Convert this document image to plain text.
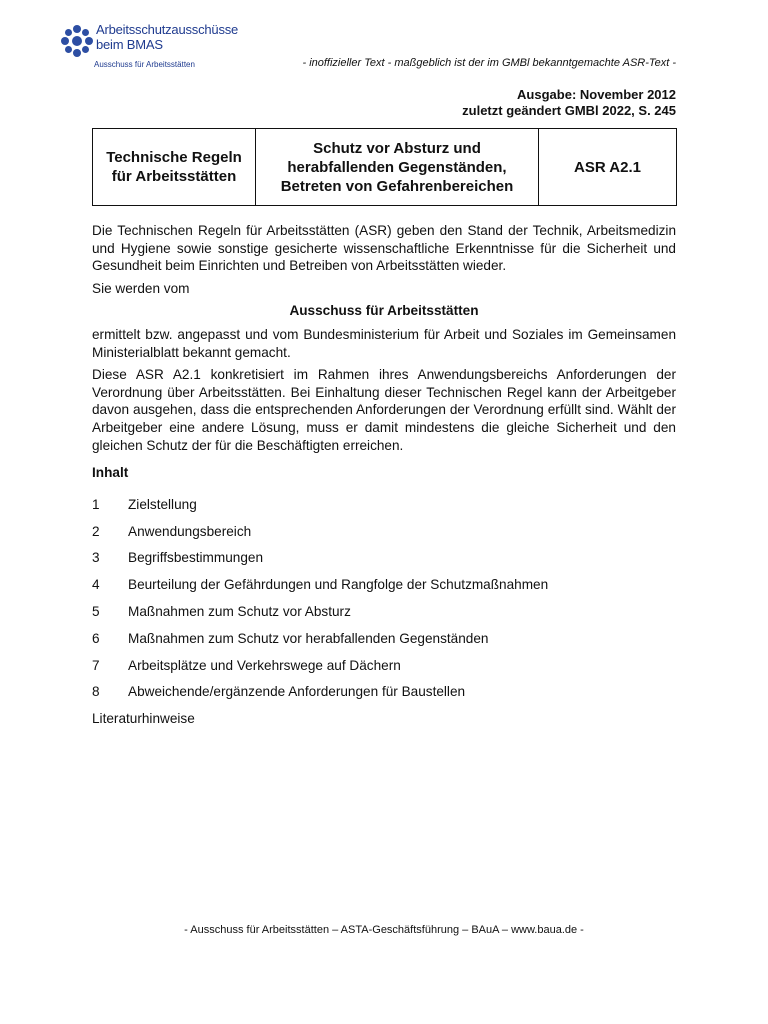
Arbeitsschutzausschüsse
beim BMAS
Ausschuss für Arbeitsstätten	- inoffizieller Text - maßgeblich ist der im GMBl bekanntgemachte ASR-Text -
Ausgabe: November 2012
zuletzt geändert GMBl 2022, S. 245
Technische Regeln für Arbeitsstätten	Schutz vor Absturz und herabfallenden Gegenständen, Betreten von Gefahrenbereichen	ASR A2.1

Die Technischen Regeln für Arbeitsstätten (ASR) geben den Stand der Technik, Arbeitsmedizin und Hygiene sowie sonstige gesicherte wissenschaftliche Erkenntnisse für die Sicherheit und Gesundheit beim Einrichten und Betreiben von Arbeitsstätten wieder.

Sie werden vom

Ausschuss für Arbeitsstätten

ermittelt bzw. angepasst und vom Bundesministerium für Arbeit und Soziales im Gemeinsamen Ministerialblatt bekannt gemacht.

Diese ASR A2.1 konkretisiert im Rahmen ihres Anwendungsbereichs Anforderungen der Verordnung über Arbeitsstätten. Bei Einhaltung dieser Technischen Regel kann der Arbeitgeber davon ausgehen, dass die entsprechenden Anforderungen der Verordnung erfüllt sind. Wählt der Arbeitgeber eine andere Lösung, muss er damit mindestens die gleiche Sicherheit und den gleichen Schutz der für die Beschäftigten erreichen.

Inhalt

1	Zielstellung
2	Anwendungsbereich
3	Begriffsbestimmungen
4	Beurteilung der Gefährdungen und Rangfolge der Schutzmaßnahmen
5	Maßnahmen zum Schutz vor Absturz
6	Maßnahmen zum Schutz vor herabfallenden Gegenständen
7	Arbeitsplätze und Verkehrswege auf Dächern
8	Abweichende/ergänzende Anforderungen für Baustellen

Literaturhinweise

- Ausschuss für Arbeitsstätten – ASTA-Geschäftsführung – BAuA – www.baua.de -
